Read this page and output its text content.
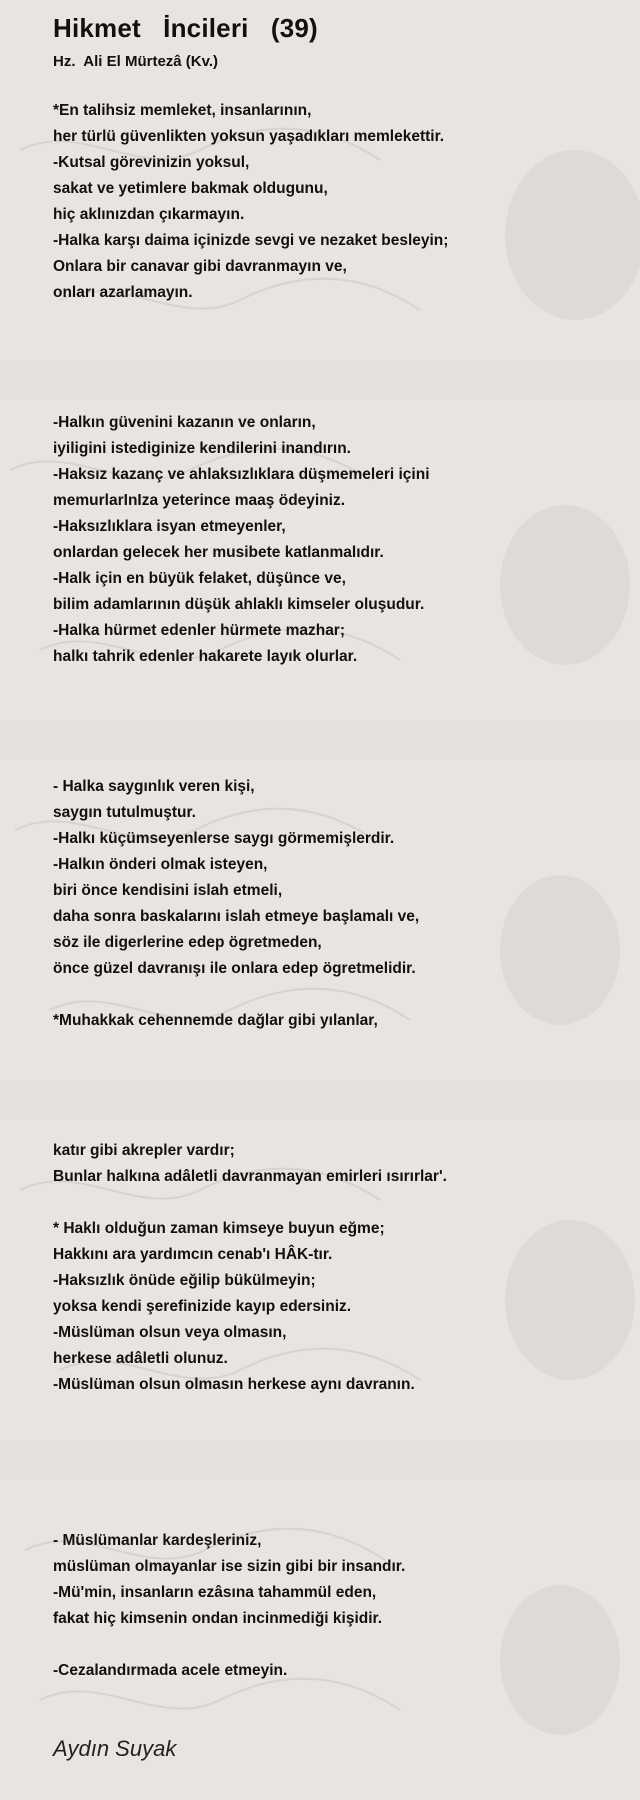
Hikmet   İncileri   (39)
Hz.  Ali El Mürtezâ (Kv.)
*En talihsiz memleket, insanlarının,
her türlü güvenlikten yoksun yaşadıkları memlekettir.
-Kutsal görevinizin yoksul,
sakat ve yetimlere bakmak oldugunu,
hiç aklınızdan çıkarmayın.
-Halka karşı daima içinizde sevgi ve nezaket besleyin;
Onlara bir canavar gibi davranmayın ve,
onları azarlamayın.
-Halkın güvenini kazanın ve onların,
iyiligini istediginize kendilerini inandırın.
-Haksız kazanç ve ahlaksızlıklara düşmemeleri içini
memurlarInIza yeterince maaş ödeyiniz.
-Haksızlıklara isyan etmeyenler,
onlardan gelecek her musibete katlanmalıdır.
-Halk için en büyük felaket, düşünce ve,
bilim adamlarının düşük ahlaklı kimseler oluşudur.
-Halka hürmet edenler hürmete mazhar;
halkı tahrik edenler hakarete layık olurlar.
- Halka saygınlık veren kişi,
saygın tutulmuştur.
-Halkı küçümseyenlerse saygı görmemişlerdir.
-Halkın önderi olmak isteyen,
biri önce kendisini islah etmeli,
daha sonra baskalarını islah etmeye başlamalı ve,
söz ile digerlerine edep ögretmeden,
önce güzel davranışı ile onlara edep ögretmelidir.
*Muhakkak cehennemde dağlar gibi yılanlar,
katır gibi akrepler vardır;
Bunlar halkına adâletli davranmayan emirleri ısırırlar'.
* Haklı olduğun zaman kimseye buyun eğme;
Hakkını ara yardımcın cenab'ı HÂK-tır.
-Haksızlık önüde eğilip bükülmeyin;
yoksa kendi şerefinizide kayıp edersiniz.
-Müslüman olsun veya olmasın,
herkese adâletli olunuz.
-Müslüman olsun olmasın herkese aynı davranın.
- Müslümanlar kardeşleriniz,
müslüman olmayanlar ise sizin gibi bir insandır.
-Mü'min, insanların ezâsına tahammül eden,
fakat hiç kimsenin ondan incinmediği kişidir.
-Cezalandırmada acele etmeyin.
Aydın Suyak
